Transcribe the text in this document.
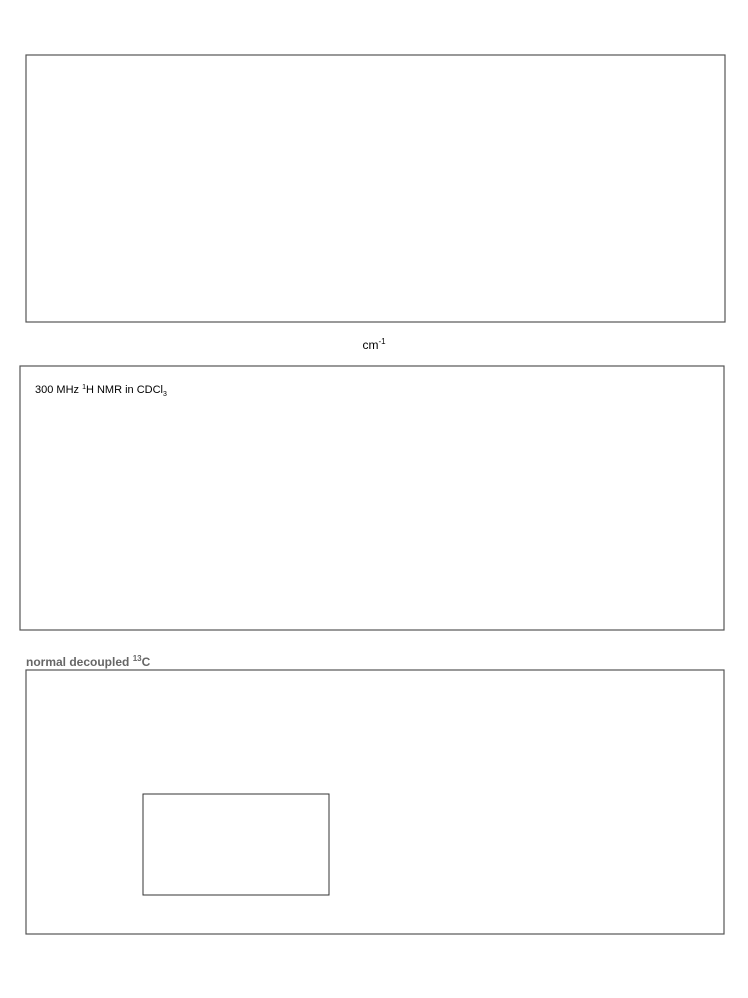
$cm^{-1}$
300 MHz $^1$H NMR in CDCl$_3$
normal decoupled $^{13}$C
